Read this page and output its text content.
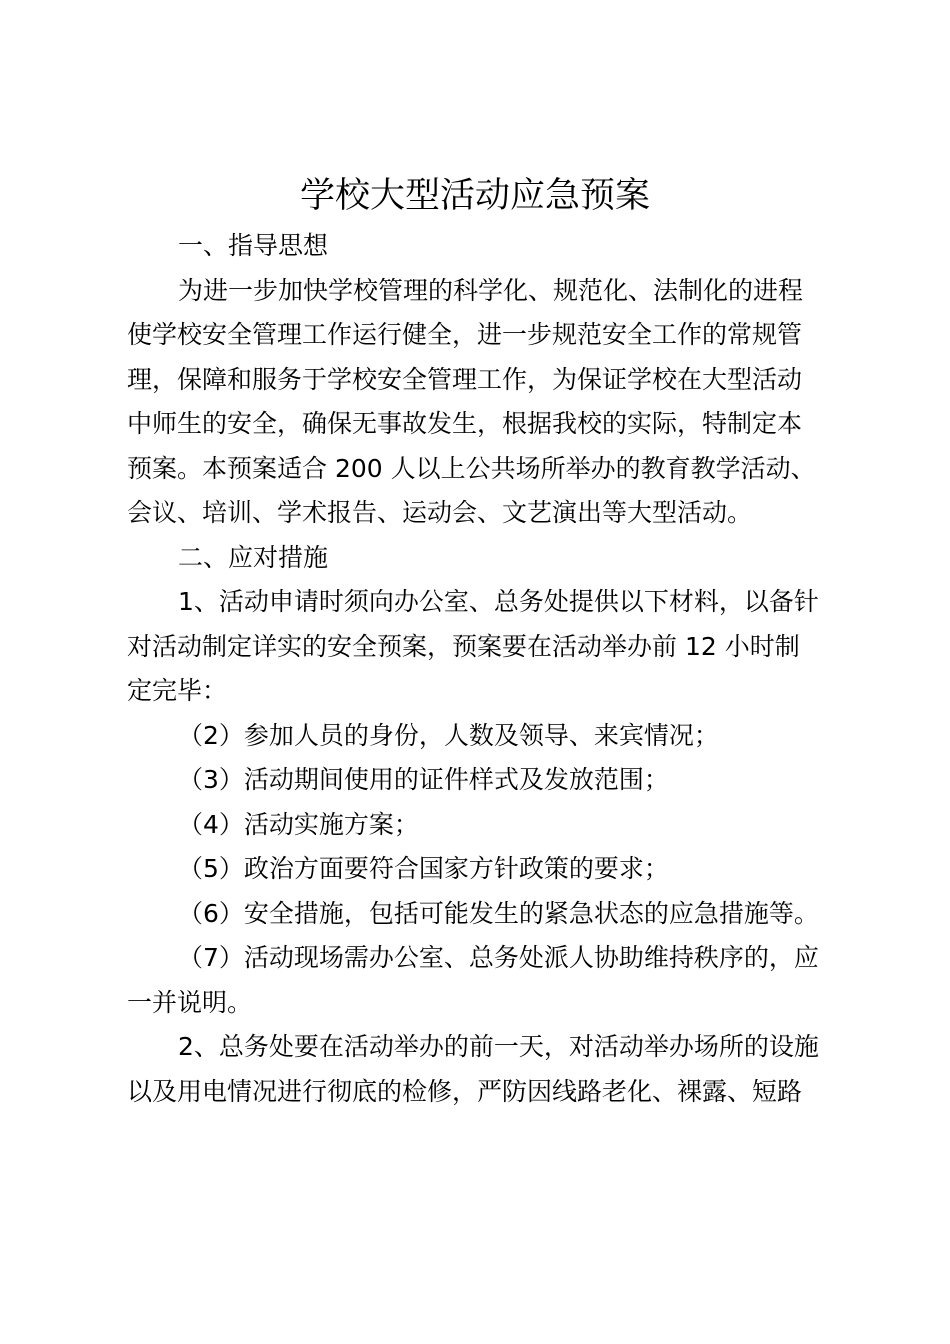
学校大型活动应急预案
一、指导思想
为进一步加快学校管理的科学化、规范化、法制化的进程
使学校安全管理工作运行健全，进一步规范安全工作的常规管
理，保障和服务于学校安全管理工作，为保证学校在大型活动
中师生的安全，确保无事故发生，根据我校的实际，特制定本
预案。本预案适合 200 人以上公共场所举办的教育教学活动、
会议、培训、学术报告、运动会、文艺演出等大型活动。
二、应对措施
1、活动申请时须向办公室、总务处提供以下材料，以备针
对活动制定详实的安全预案，预案要在活动举办前 12 小时制
定完毕：
（2）参加人员的身份，人数及领导、来宾情况；
（3）活动期间使用的证件样式及发放范围；
（4）活动实施方案；
（5）政治方面要符合国家方针政策的要求；
（6）安全措施，包括可能发生的紧急状态的应急措施等。
（7）活动现场需办公室、总务处派人协助维持秩序的，应
一并说明。
2、总务处要在活动举办的前一天，对活动举办场所的设施
以及用电情况进行彻底的检修，严防因线路老化、裸露、短路
